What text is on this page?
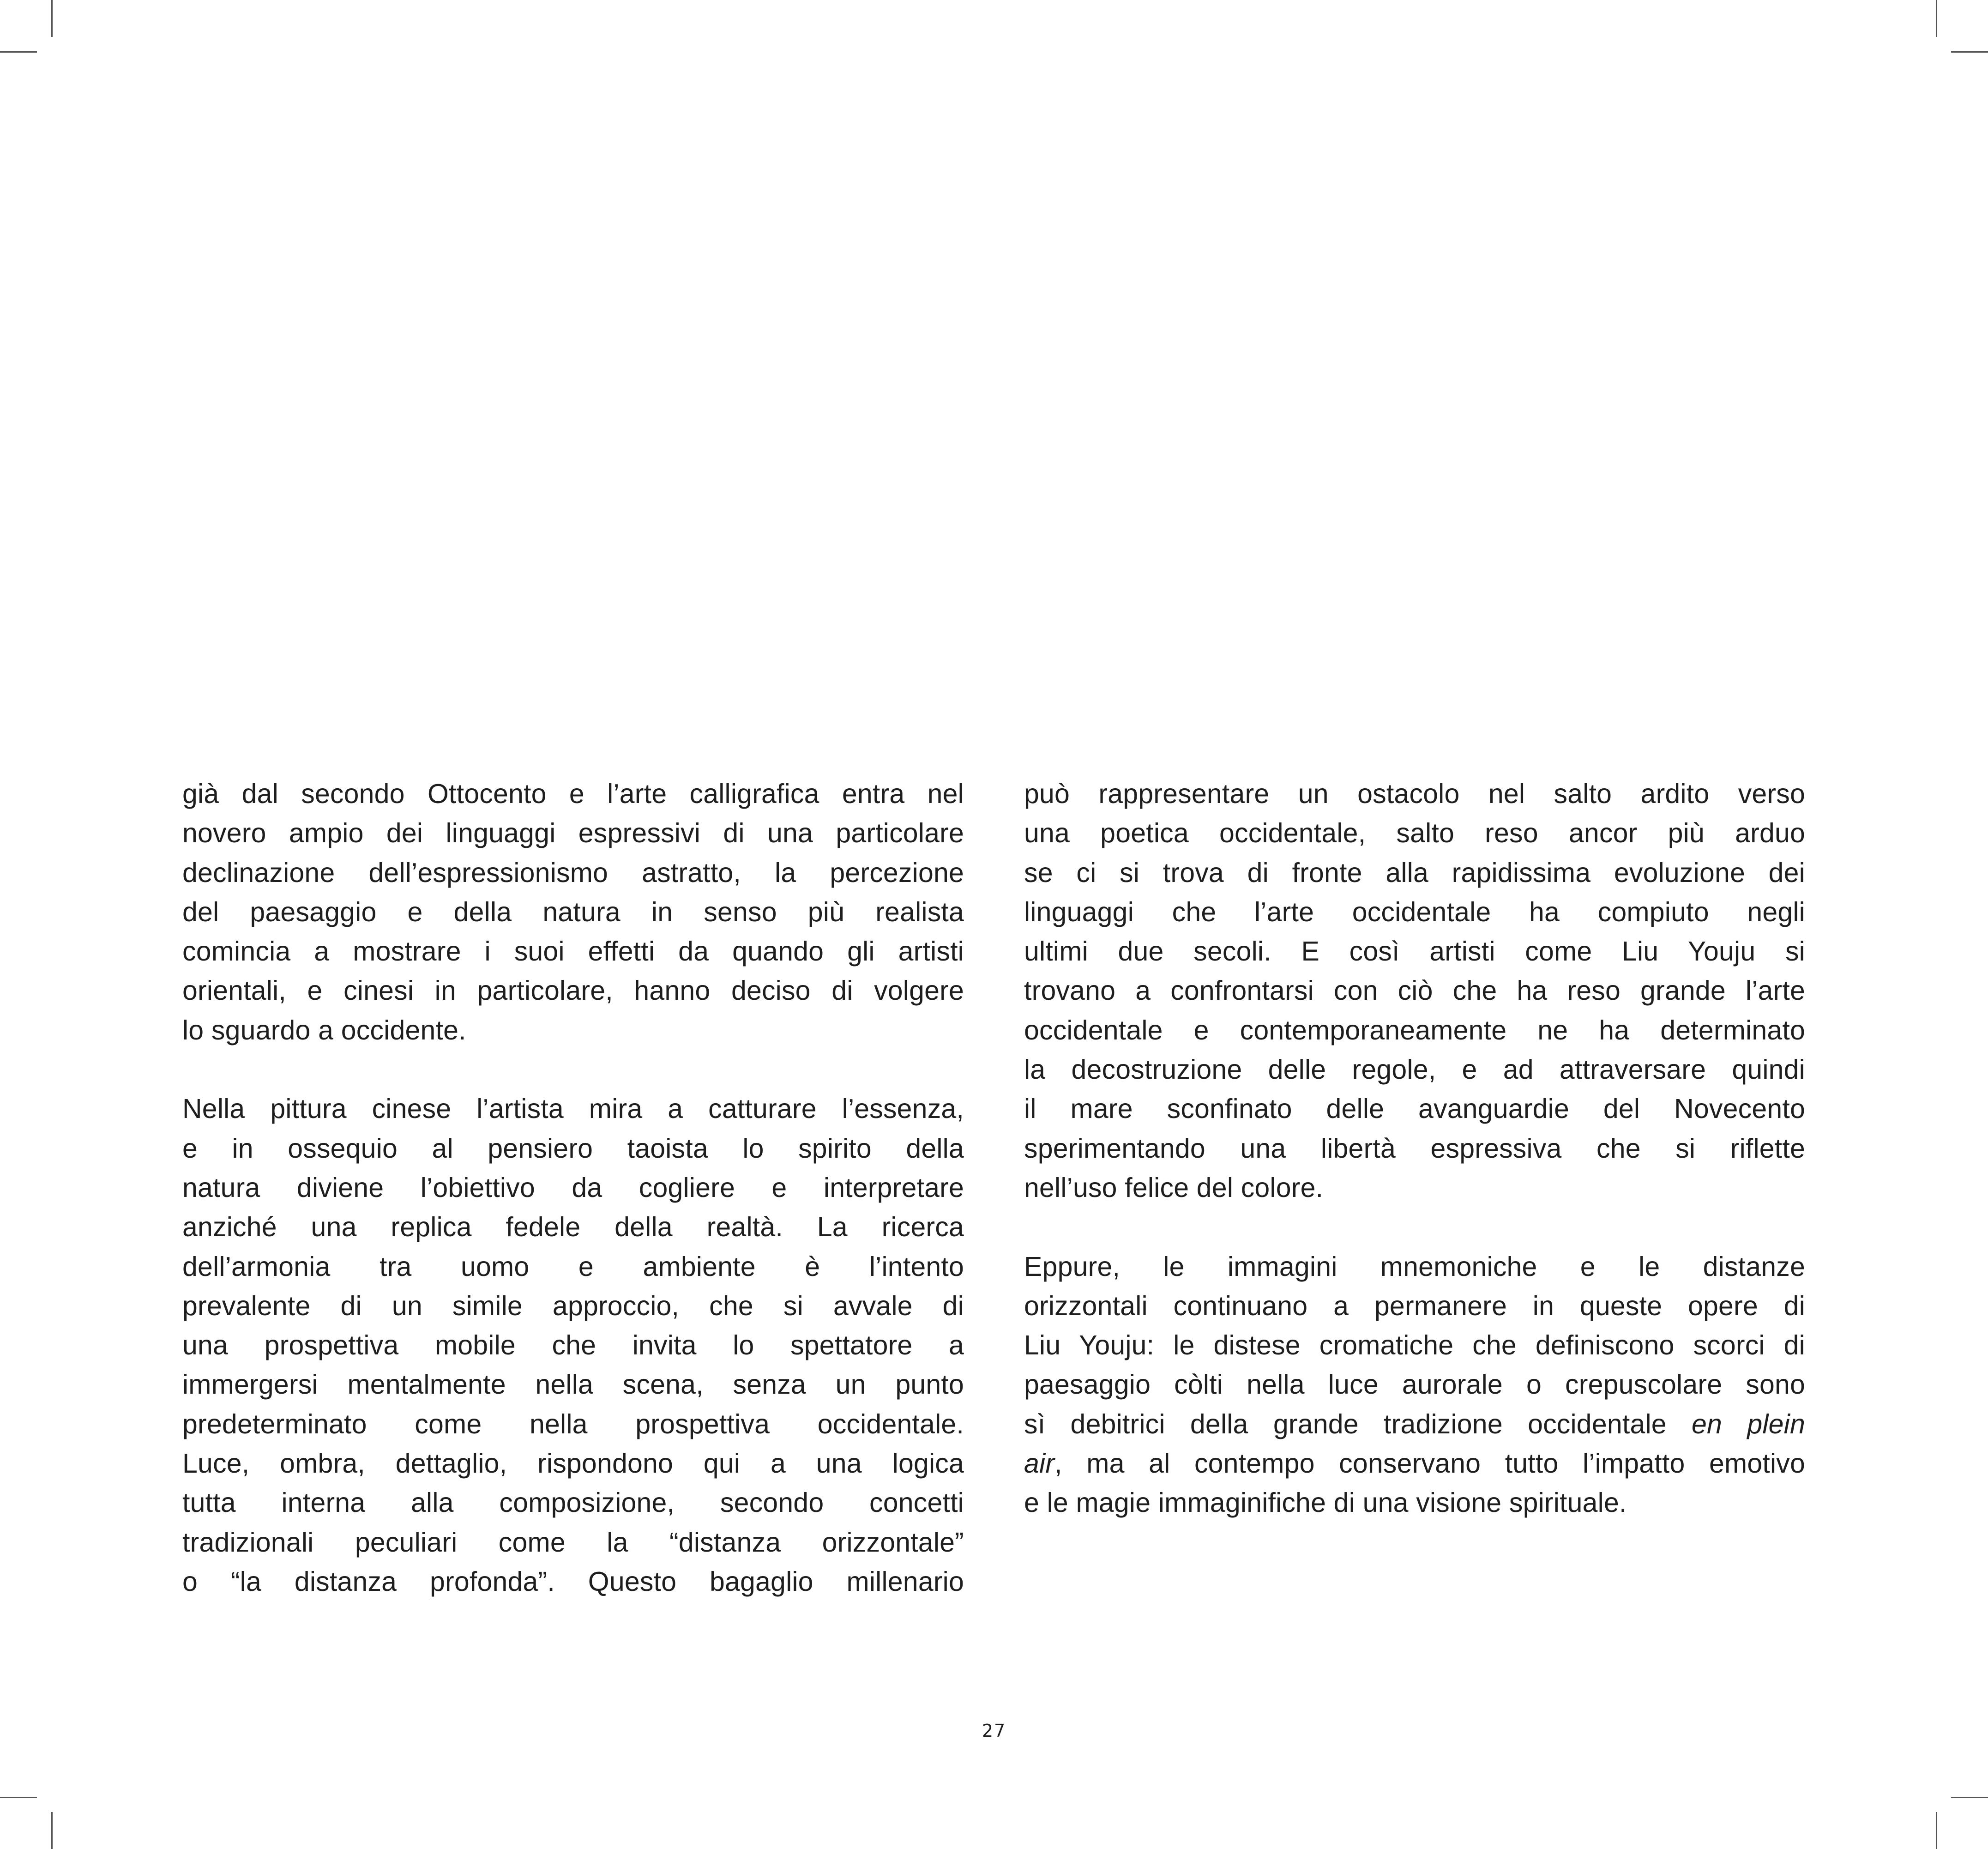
già dal secondo Ottocento e l’arte calligrafica entra nel
novero ampio dei linguaggi espressivi di una particolare
declinazione dell’espressionismo astratto, la percezione
del paesaggio e della natura in senso più realista
comincia a mostrare i suoi effetti da quando gli artisti
orientali, e cinesi in particolare, hanno deciso di volgere
lo sguardo a occidente.
Nella pittura cinese l’artista mira a catturare l’essenza,
e in ossequio al pensiero taoista lo spirito della
natura diviene l’obiettivo da cogliere e interpretare
anziché una replica fedele della realtà. La ricerca
dell’armonia tra uomo e ambiente è l’intento
prevalente di un simile approccio, che si avvale di
una prospettiva mobile che invita lo spettatore a
immergersi mentalmente nella scena, senza un punto
predeterminato come nella prospettiva occidentale.
Luce, ombra, dettaglio, rispondono qui a una logica
tutta interna alla composizione, secondo concetti
tradizionali peculiari come la “distanza orizzontale”
o “la distanza profonda”. Questo bagaglio millenario
può rappresentare un ostacolo nel salto ardito verso
una poetica occidentale, salto reso ancor più arduo
se ci si trova di fronte alla rapidissima evoluzione dei
linguaggi che l’arte occidentale ha compiuto negli
ultimi due secoli. E così artisti come Liu Youju si
trovano a confrontarsi con ciò che ha reso grande l’arte
occidentale e contemporaneamente ne ha determinato
la decostruzione delle regole, e ad attraversare quindi
il mare sconfinato delle avanguardie del Novecento
sperimentando una libertà espressiva che si riflette
nell’uso felice del colore.
Eppure, le immagini mnemoniche e le distanze
orizzontali continuano a permanere in queste opere di
Liu Youju: le distese cromatiche che definiscono scorci di
paesaggio còlti nella luce aurorale o crepuscolare sono
sì debitrici della grande tradizione occidentale en plein
air, ma al contempo conservano tutto l’impatto emotivo
e le magie immaginifiche di una visione spirituale.
27
